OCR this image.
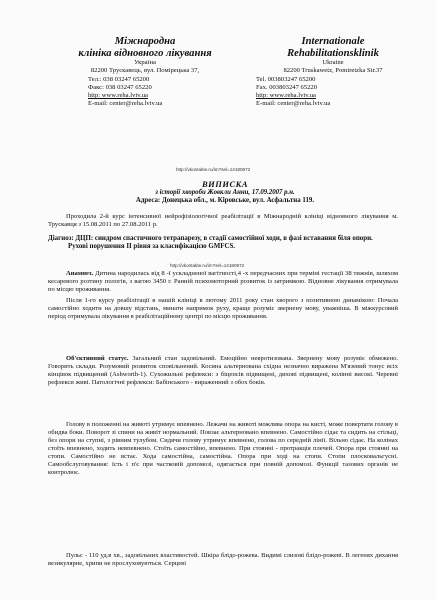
Міжнародна
клініка відновного лікування
Україна
82200 Трускавець, вул. Помірецька 37,
Тел.: 038 03247 65200
Факс: 038 03247 65220
http: www.reha.lviv.ua
E-mail: center@reha.lviv.ua
Internationale
Rehabilitationsklinik
Ukraine
82200 Truskawetz, Pomiretzka Str.37
Tel. 003803247 65200
Fax. 003803247 65220
http: www.reha.lviv.ua
E-mail: center@reha.lviv.ua
http://vkontakte.ru/im?sel=14180972
ВИПИСКА
з історії хвороби Жовкли Анни, 17.09.2007 р.н.
Адреса: Донецька обл., м. Кіровське, вул. Асфальтна 119.

Проходила 2-й курс інтенсивної нейрофізіологічної реабілітації в Міжнародній клініці відновного лікування м. Трускавця з 15.08.2011 по 27.08.2011 р.

Діагноз: ДЦП: синдром спастичного тетрапарезу, в стадії самостійної ходи, в фазі вставання біля опори.

Рухові порушення ІІ рівня за класифікацією GMFCS.

http://vkontakte.ru/im?sel=14180972

Анамнез. Дитина народилась від 8 -ї ускладненої вагітності,4 -х передчасних при терміні гестації 38 тижнів, шляхом кесаревого розтину пологів, з вагою 3450 г. Ранній психомоторний розвиток із затримкою. Відновне лікування отримувала по місцю проживання.

Після 1-го курсу реабілітації в нашій клініці в лютому 2011 року стан хворого з позитивною динамікою: Почала самостійно ходити на довшу відстань, минати напримок руху, краще розуміє звернену мову, уважніша. В міжкурсовий період отримувала лікування в реабілітаційному центрі по місцю проживання.

Об'єктивний статус. Загальний стан задовільний. Емоційно невротизована. Звернену мову розуміє обмежено. Говорить склади. Розумовий розвиток сповільнений. Косина альтернована східна незначно виражена М'язевий тонус всіх кінцівок підвищений (Ashworth-1). Сухожильні рефлекси: з біцепсів підвищені, дихові підвищені, колінні високі. Черевні рефлекси живі. Патологічні рефлекси: Бабінського - вираженний з обох боків.

Голову в положенні на животі утримує впевнено. Лежачи на животі можлива опора на кисті, може повертати голову в обидва боки. Поворот зі спини на живіт нормальний. Повзає альтерновано впевнено. Самостійно сідає та сидить на стільці, без опори на ступні, з рівним тулубом. Сидячи голову утримує впевнено, голова по середній лінії. Вільно сідає. На колінах стоїть впевнено, ходить невпевнено. Стоїть самостійно, впевнено. При стоянні - протракція плечей. Опора при стоянні на стопи. Самостійно не встає. Хода самостійна, самостійна. Опора при ході на стопи. Стопи плосковальгусні. Самообслуговування: їсть і п'є при частковій допомозі, одягається при повній допомозі. Функції тазових органів не контролює.

Пульс - 110 уд.в хв., задовільних властивостей. Шкіра блідо-рожева. Видимі слизові блідо-рожеві. В легенях дихання везикулярне, хрипи не прослуховуються. Серцеві
